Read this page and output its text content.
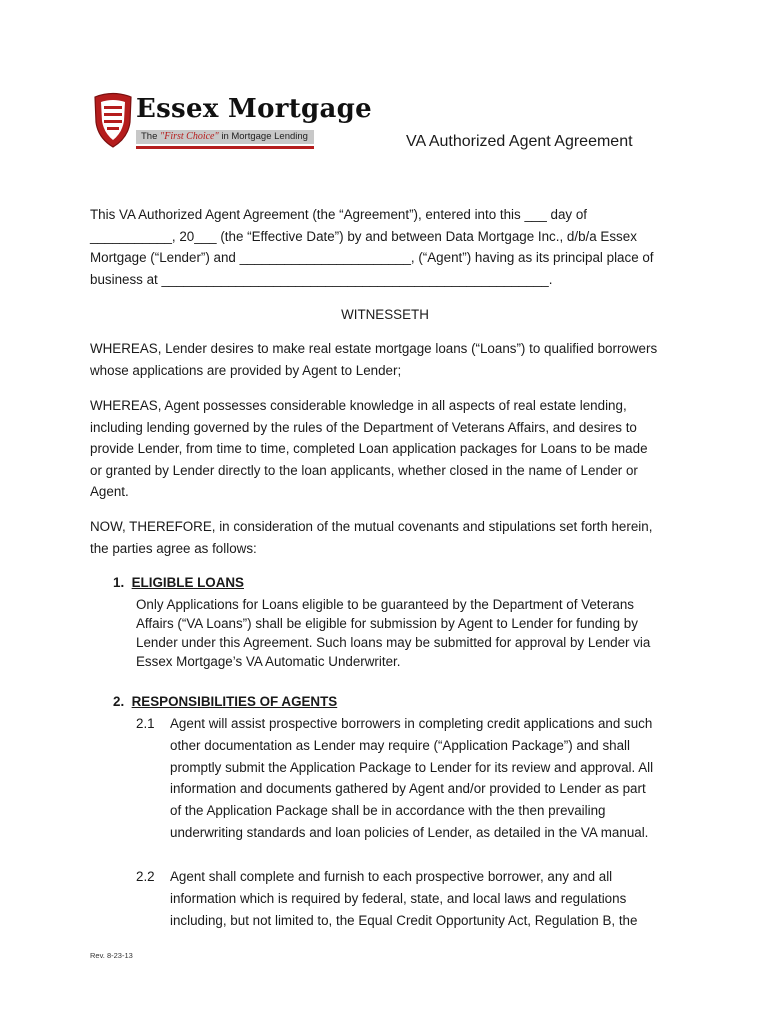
Essex Mortgage
The "First Choice" in Mortgage Lending	VA Authorized Agent Agreement
This VA Authorized Agent Agreement (the “Agreement”), entered into this ___ day of
___________, 20___ (the “Effective Date”) by and between Data Mortgage Inc., d/b/a Essex
Mortgage (“Lender”) and _______________________, (“Agent”) having as its principal place of
business at ____________________________________________________.
WITNESSETH
WHEREAS, Lender desires to make real estate mortgage loans (“Loans”) to qualified borrowers
whose applications are provided by Agent to Lender;
WHEREAS, Agent possesses considerable knowledge in all aspects of real estate lending,
including lending governed by the rules of the Department of Veterans Affairs, and desires to
provide Lender, from time to time, completed Loan application packages for Loans to be made
or granted by Lender directly to the loan applicants, whether closed in the name of Lender or
Agent.
NOW, THEREFORE, in consideration of the mutual covenants and stipulations set forth herein,
the parties agree as follows:
1. ELIGIBLE LOANS
Only Applications for Loans eligible to be guaranteed by the Department of Veterans
Affairs (“VA Loans”) shall be eligible for submission by Agent to Lender for funding by
Lender under this Agreement. Such loans may be submitted for approval by Lender via
Essex Mortgage’s VA Automatic Underwriter.
2. RESPONSIBILITIES OF AGENTS
2.1 Agent will assist prospective borrowers in completing credit applications and such
other documentation as Lender may require (“Application Package”) and shall
promptly submit the Application Package to Lender for its review and approval. All
information and documents gathered by Agent and/or provided to Lender as part
of the Application Package shall be in accordance with the then prevailing
underwriting standards and loan policies of Lender, as detailed in the VA manual.
2.2 Agent shall complete and furnish to each prospective borrower, any and all
information which is required by federal, state, and local laws and regulations
including, but not limited to, the Equal Credit Opportunity Act, Regulation B, the
Rev. 8-23-13
